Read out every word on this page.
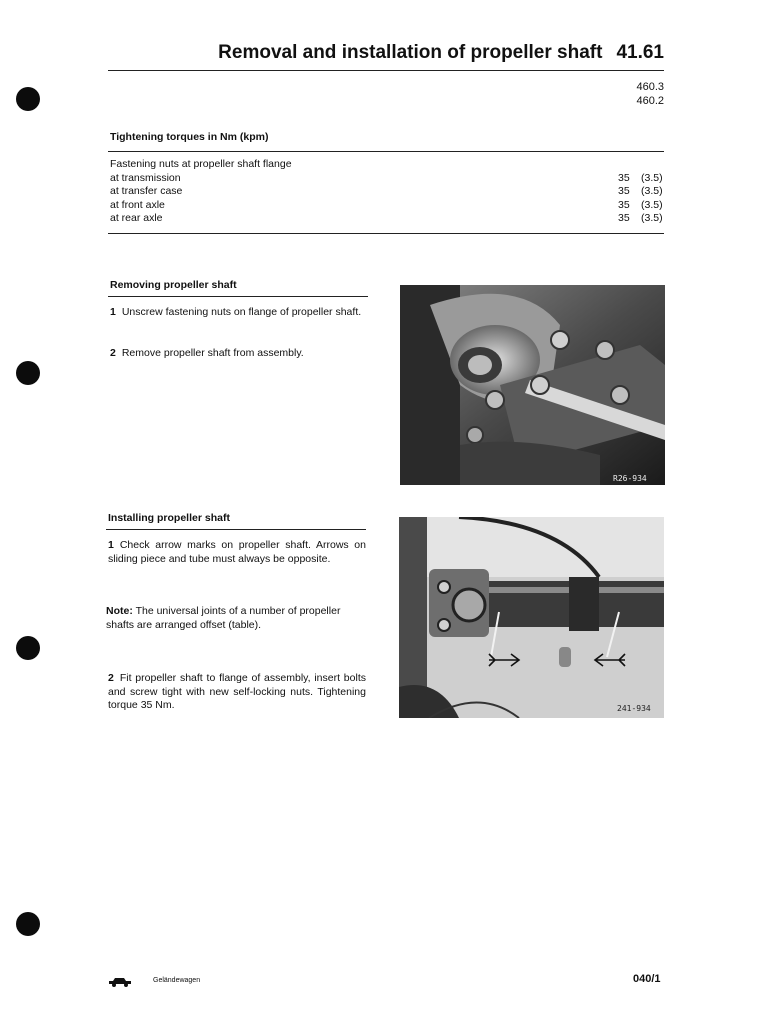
Removal and installation of propeller shaft 41.61
460.3
460.2
Tightening torques in Nm (kpm)
Fastening nuts at propeller shaft flange
at transmission	35 (3.5)
at transfer case	35 (3.5)
at front axle	35 (3.5)
at rear axle	35 (3.5)
Removing propeller shaft
1 Unscrew fastening nuts on flange of propeller shaft.
2 Remove propeller shaft from assembly.
R26-934
Installing propeller shaft
1 Check arrow marks on propeller shaft. Arrows on sliding piece and tube must always be opposite.
Note: The universal joints of a number of propeller shafts are arranged offset (table).
2 Fit propeller shaft to flange of assembly, insert bolts and screw tight with new self-locking nuts. Tightening torque 35 Nm.	241-934
Geländewagen	040/1
